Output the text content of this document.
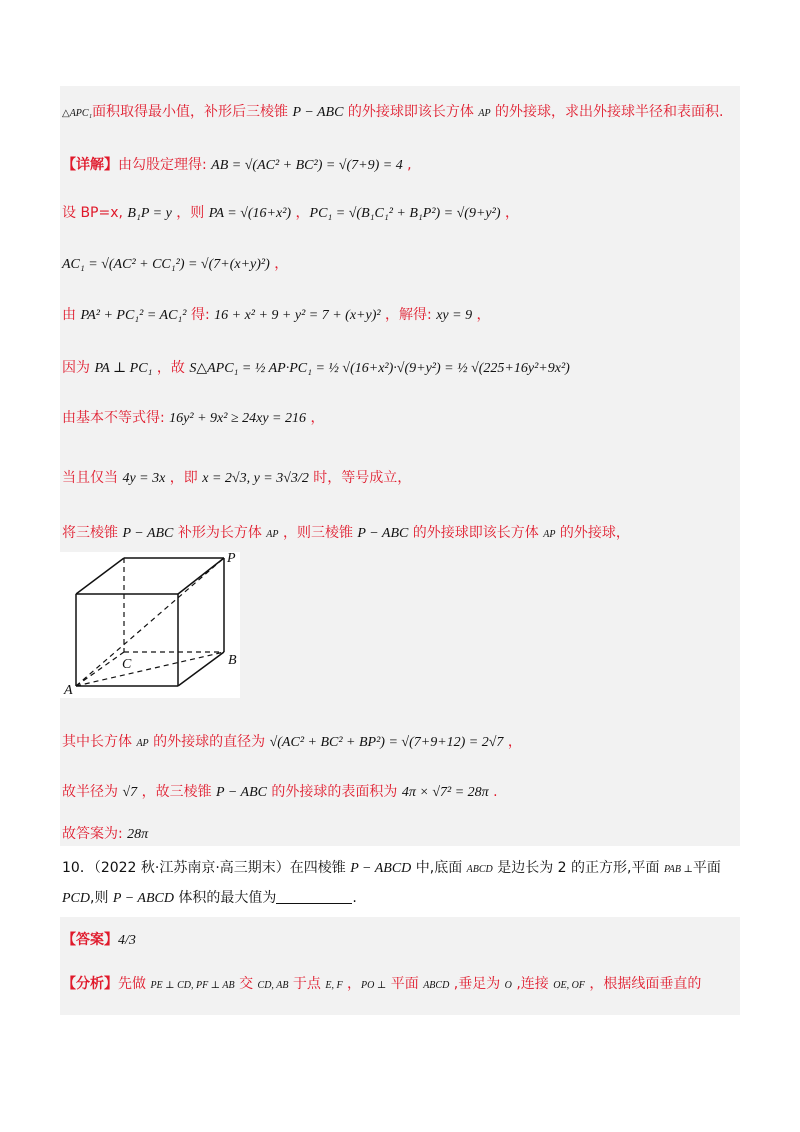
△APC₁面积取得最小值，补形后三棱锥 P − ABC 的外接球即该长方体 AP 的外接球，求出外接球半径和表面积.
【详解】由勾股定理得: AB = √(AC² + BC²) = √(7+9) = 4 ,
设 BP=x, B₁P = y ，则 PA = √(16+x²) ，PC₁ = √(B₁C₁² + B₁P²) = √(9+y²) ，
AC₁ = √(AC² + CC₁²) = √(7+(x+y)²) ，
由 PA² + PC₁² = AC₁² 得: 16 + x² + 9 + y² = 7 + (x+y)² ，解得: xy = 9 ，
因为 PA ⊥ PC₁ ，故 S△APC₁ = ½ AP·PC₁ = ½ √(16+x²)·√(9+y²) = ½ √(225+16y²+9x²)
由基本不等式得: 16y² + 9x² ≥ 24xy = 216 ，
当且仅当 4y = 3x ，即 x = 2√3, y = 3√3/2 时，等号成立，
将三棱锥 P − ABC 补形为长方体 AP ，则三棱锥 P − ABC 的外接球即该长方体 AP 的外接球，
P
B
C
A
其中长方体 AP 的外接球的直径为 √(AC² + BC² + BP²) = √(7+9+12) = 2√7 ，
故半径为 √7 ，故三棱锥 P − ABC 的外接球的表面积为 4π × √7² = 28π .
故答案为: 28π
10．（2022 秋·江苏南京·高三期末）在四棱锥 P − ABCD 中,底面 ABCD 是边长为 2 的正方形,平面 PAB ⊥平面
PCD,则 P − ABCD 体积的最大值为	.
【答案】4/3
【分析】先做 PE ⊥ CD, PF ⊥ AB 交 CD, AB 于点 E, F ，PO ⊥ 平面 ABCD ,垂足为 O ,连接 OE, OF ，根据线面垂直的
